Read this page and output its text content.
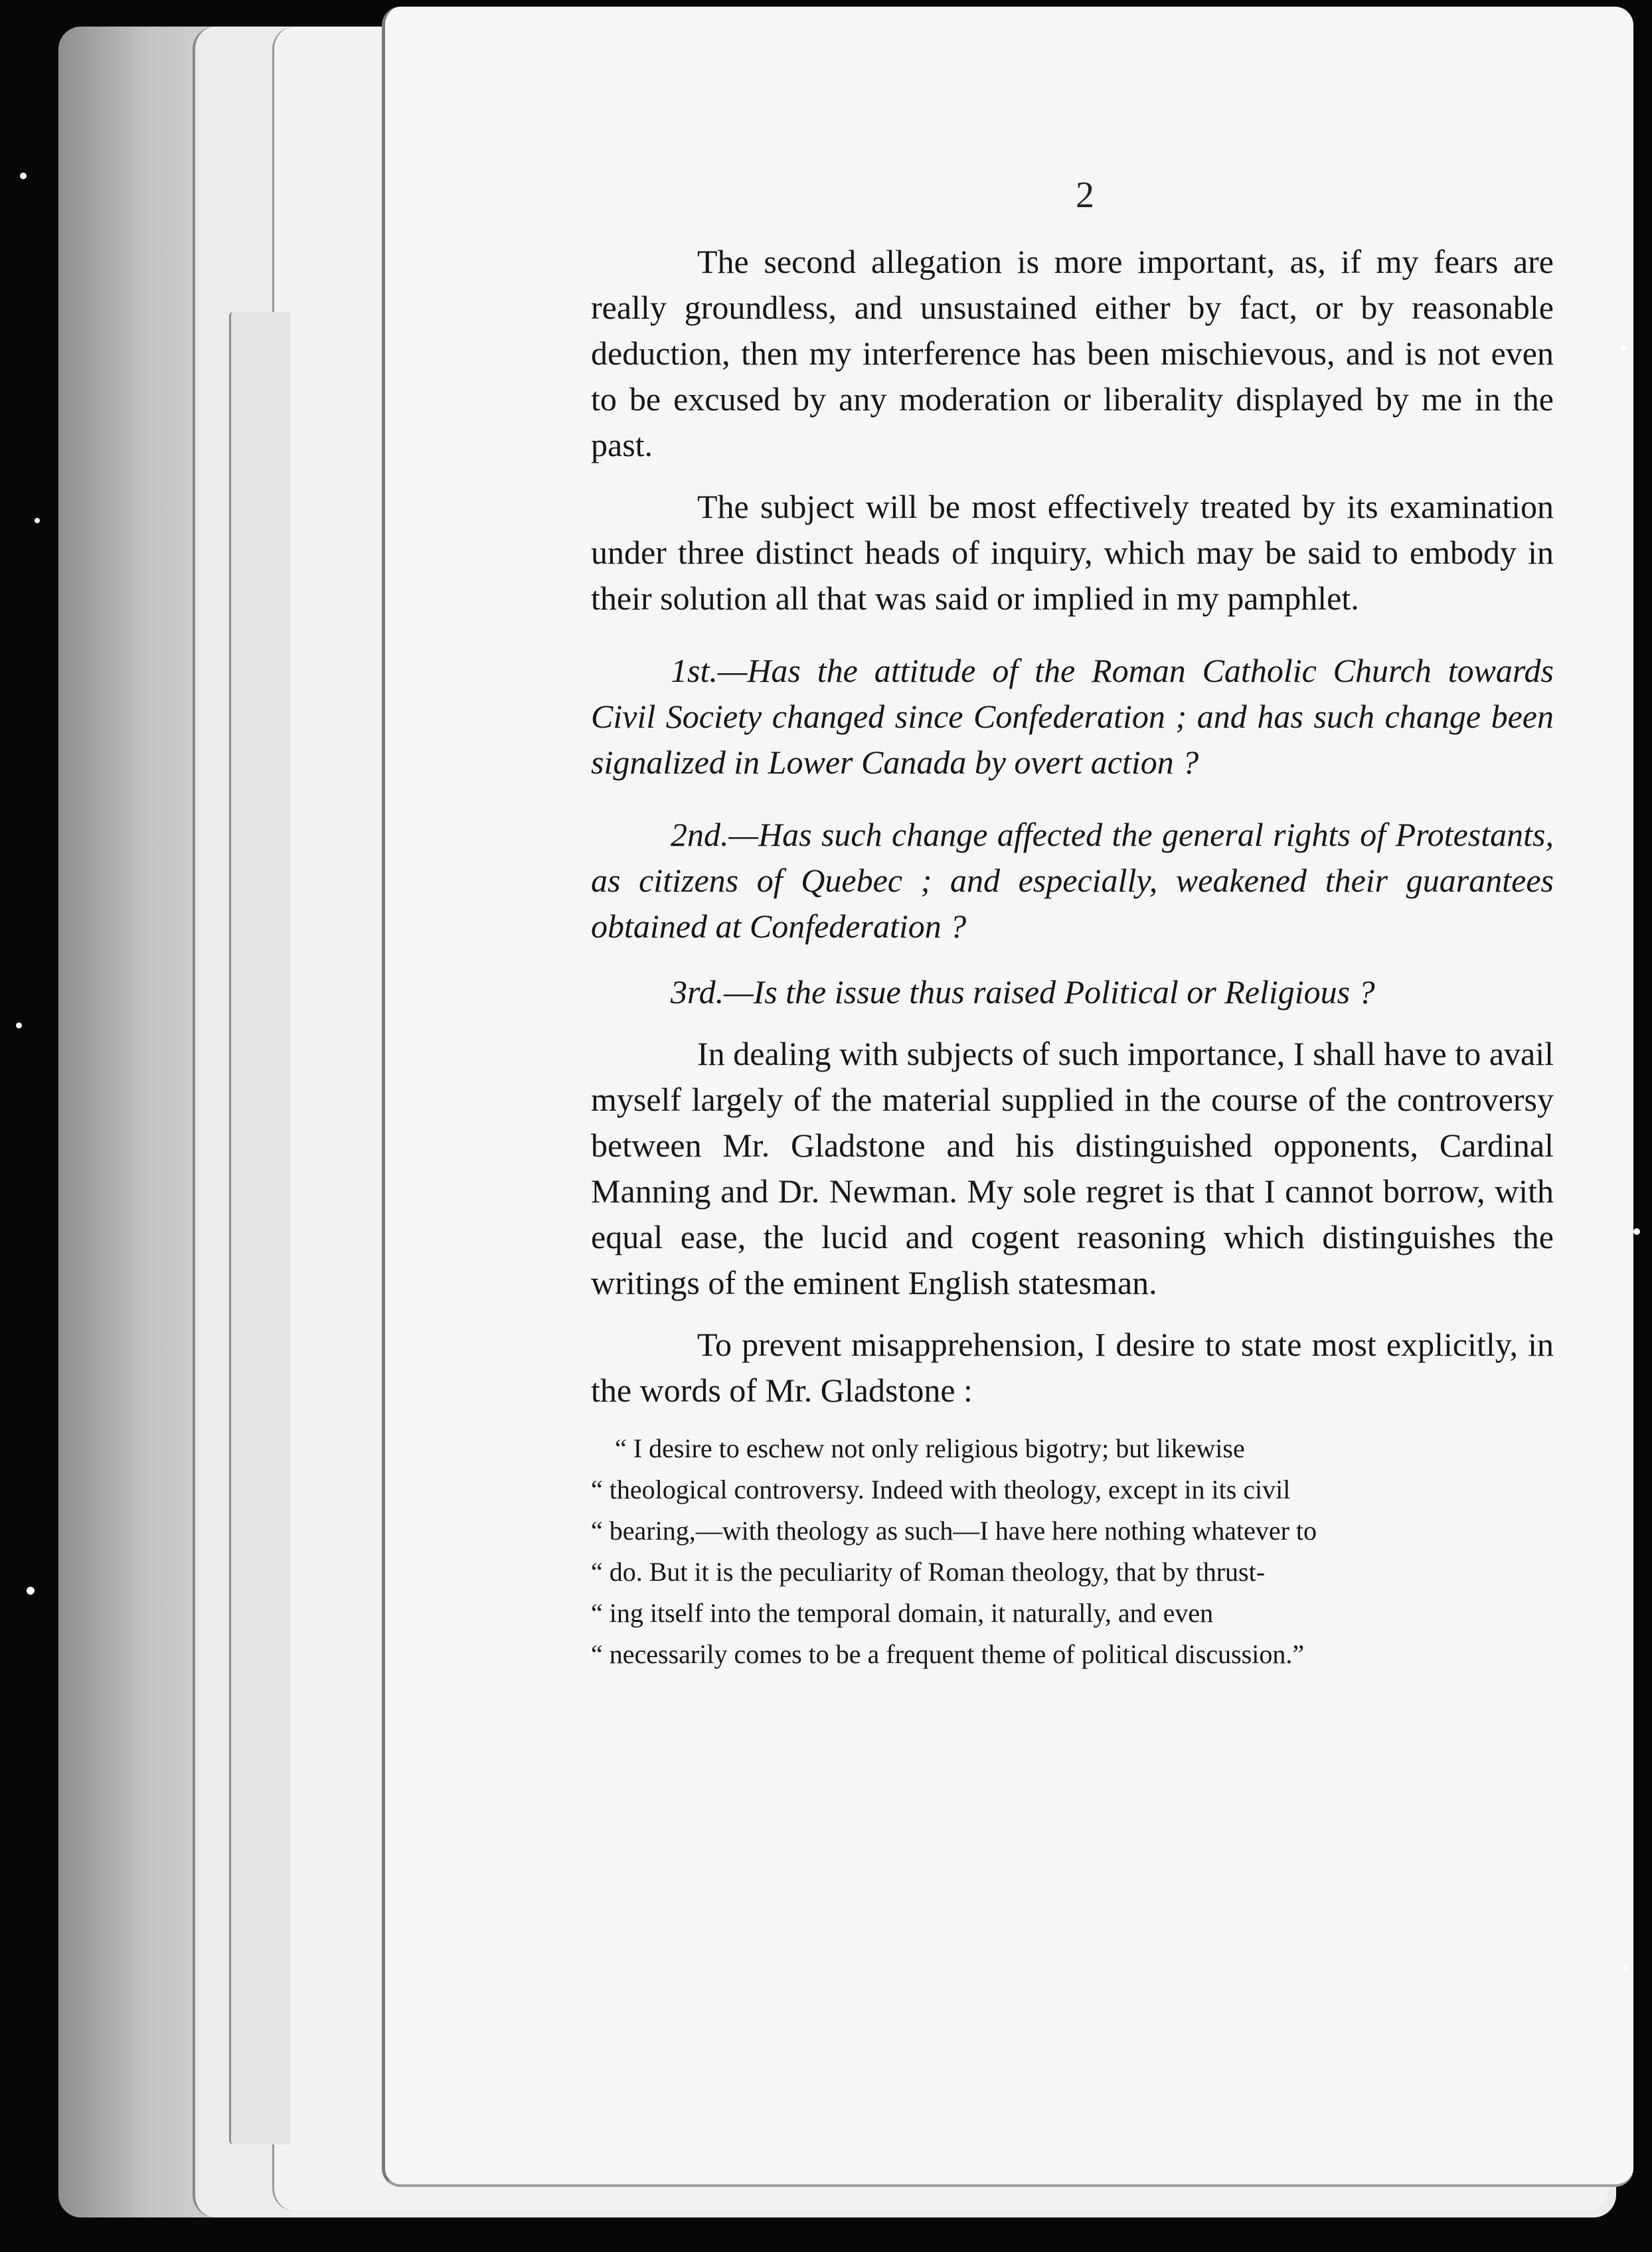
2

The second allegation is more important, as, if my fears are really groundless, and unsustained either by fact, or by reasonable deduction, then my interference has been mischievous, and is not even to be excused by any moderation or liberality displayed by me in the past.

The subject will be most effectively treated by its examination under three distinct heads of inquiry, which may be said to embody in their solution all that was said or implied in my pamphlet.

1st.—Has the attitude of the Roman Catholic Church towards Civil Society changed since Confederation ; and has such change been signalized in Lower Canada by overt action ?

2nd.—Has such change affected the general rights of Protestants, as citizens of Quebec ; and especially, weakened their guarantees obtained at Confederation ?

3rd.—Is the issue thus raised Political or Religious ?

In dealing with subjects of such importance, I shall have to avail myself largely of the material supplied in the course of the controversy between Mr. Gladstone and his distinguished opponents, Cardinal Manning and Dr. Newman. My sole regret is that I cannot borrow, with equal ease, the lucid and cogent reasoning which distinguishes the writings of the eminent English statesman.

To prevent misapprehension, I desire to state most explicitly, in the words of Mr. Gladstone :

“ I desire to eschew not only religious bigotry; but likewise
“ theological controversy. Indeed with theology, except in its civil
“ bearing,—with theology as such—I have here nothing whatever to
“ do. But it is the peculiarity of Roman theology, that by thrust-
“ ing itself into the temporal domain, it naturally, and even
“ necessarily comes to be a frequent theme of political discussion.”
